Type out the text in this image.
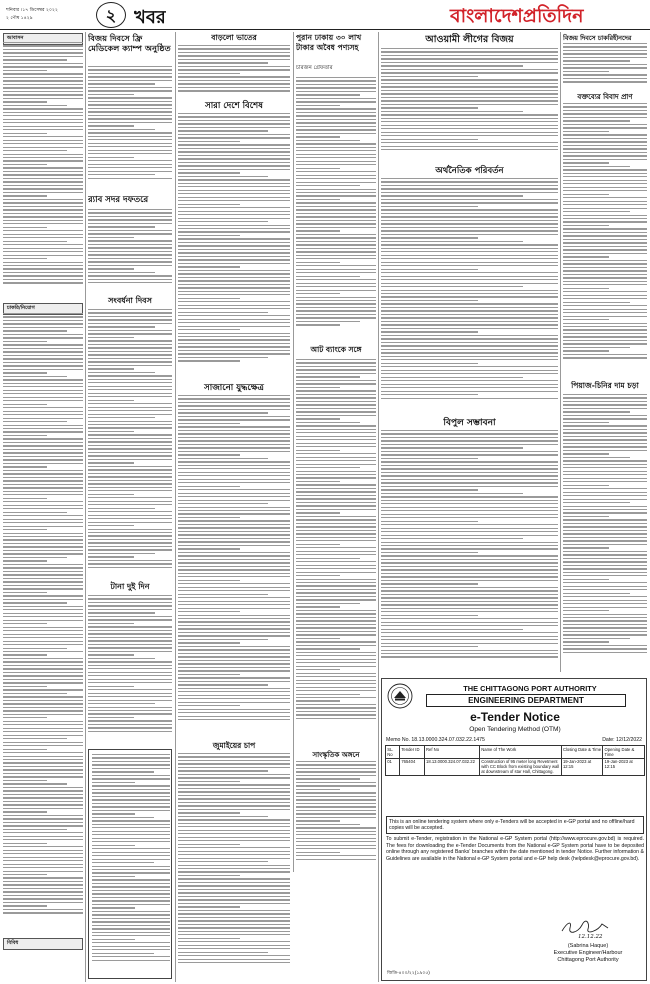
শনিবার ।১৭ ডিসেম্বর ২০২২
২ পৌষ ১৪২৯	২ খবর	বাংলাদেশপ্রতিদিন
আবাসন
চাকরি/নিয়োগ
বিবিধ
বিজয় দিবসে ফ্রি মেডিকেল ক্যাম্প অনুষ্ঠিত
র‌্যাব সদর দফতরে
সংবর্ধনা দিবস
টানা দুই দিন
বাড়লো ভাতের
সারা দেশে বিশেষ
সাজানো যুদ্ধক্ষেত্র
জুমাইয়ের চাপ
পুরান ঢাকায় ৩০ লাখ টাকার অবৈধ পণ্যসহ
চারজন গ্রেফতার
আট ব্যাংকে সঙ্গে
সাংস্কৃতিক অঙ্গনে
আওয়ামী লীগের বিজয়
অর্থনৈতিক পরিবর্তন
বিপুল সম্ভাবনা
বিজয় দিবসে চাকরিহীনদের
বক্তব্যের বিবাদ প্রাণ
পিয়াজ-চিনির দাম চড়া
THE CHITTAGONG PORT AUTHORITY
ENGINEERING DEPARTMENT
e-Tender Notice
Open Tendering Method (OTM)
Memo No. 18.13.0000.324.07.032.22.1475	Date: 12/12/2022
SL. No	Tender ID	Ref No	Name of The Work	Closing Date & Time	Opening Date & Time
01	765404	18.13.0000.324.07.032.22	Construction of 95 meter long Revetment with CC Block from existing boundary wall at downstream of star Hall, Chittagong.	19-Jan-2023 at 12:15	19-Jan-2023 at 12:15
This is an online tendering system where only e-Tenders will be accepted in e-GP portal and no offline/hard copies will be accepted.
To submit e-Tender, registration in the National e-GP System portal (http://www.eprocure.gov.bd) is required. The fees for downloading the e-Tender Documents from the National e-GP System portal have to be deposited online through any registered Banks' branches within the date mentioned in tender Notice. Further information & Guidelines are available in the National e-GP System portal and e-GP help desk (helpdesk@eprocure.gov.bd).
12.12.22
(Sabrina Haque)
Executive Engineer/Harbour
Chittagong Port Authority
জিডি-৪০০/২২(১৯০৫)
